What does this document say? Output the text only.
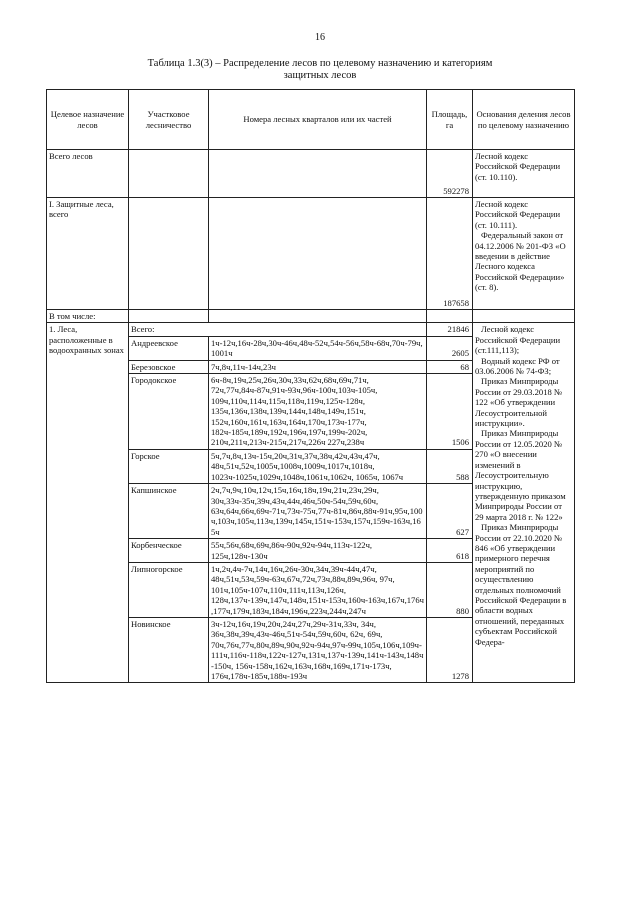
16
Таблица 1.3(3) – Распределение лесов по целевому назначению и категориям
защитных лесов
Целевое назначение лесов	Участковое лесничество	Номера лесных кварталов или их частей	Площадь, га	Основания деления лесов по целевому назначению
Всего лесов			592278	Лесной кодекс Российской Федерации (ст. 10.110).
I. Защитные леса, всего			187658	Лесной кодекс Российской Федерации (ст. 10.111).
Федеральный закон от 04.12.2006 № 201-ФЗ «О введении в действие Лесного кодекса Российской Федерации» (ст. 8).

В том числе:				
1. Леса, расположенные в водоохранных зонах	Всего:		21846	Лесной кодекс Российской Федерации (ст.111,113);
Водный кодекс РФ от 03.06.2006 № 74-ФЗ;
Приказ Минприроды России от 29.03.2018 № 122 «Об утверждении Лесоустроительной инструкции».
Приказ Минприроды России от 12.05.2020 № 270 «О внесении изменений в Лесоустроительную инструкцию, утвержденную приказом Минприроды России от 29 марта 2018 г. № 122»
Приказ Минприроды России от 22.10.2020 № 846 «Об утверждении примерного перечня мероприятий по осуществлению отдельных полномочий Российской Федерации в области водных отношений, переданных субъектам Российской Федера-

	Андреевское	1ч-12ч,16ч-28ч,30ч-46ч,48ч-52ч,54ч-56ч,58ч-68ч,70ч-79ч,1001ч	2605	
	Березовское	7ч,8ч,11ч-14ч,23ч	68	
	Городокское	6ч-8ч,19ч,25ч,26ч,30ч,33ч,62ч,68ч,69ч,71ч, 72ч,77ч,84ч-87ч,91ч-93ч,96ч-100ч,103ч-105ч, 109ч,110ч,114ч,115ч,118ч,119ч,125ч-128ч, 135ч,136ч,138ч,139ч,144ч,148ч,149ч,151ч, 152ч,160ч,161ч,163ч,164ч,170ч,173ч-177ч, 182ч-185ч,189ч,192ч,196ч,197ч,199ч-202ч, 210ч,211ч,213ч-215ч,217ч,226ч 227ч,238ч	1506	
	Горское	5ч,7ч,8ч,13ч-15ч,20ч,31ч,37ч,38ч,42ч,43ч,47ч, 48ч,51ч,52ч,1005ч,1008ч,1009ч,1017ч,1018ч, 1023ч-1025ч,1029ч,1048ч,1061ч,1062ч, 1065ч, 1067ч	588	
	Капшинское	2ч,7ч,9ч,10ч,12ч,15ч,16ч,18ч,19ч,21ч,23ч,29ч, 30ч,33ч-35ч,39ч,43ч,44ч,46ч,50ч-54ч,59ч,60ч, 63ч,64ч,66ч,69ч-71ч,73ч-75ч,77ч-81ч,86ч,88ч-91ч,95ч,100ч,103ч,105ч,113ч,139ч,145ч,151ч-153ч,157ч,159ч-163ч,165ч	627	
	Корбенческое	55ч,56ч,68ч,69ч,86ч-90ч,92ч-94ч,113ч-122ч, 125ч,128ч-130ч	618	
	Липногорское	1ч,2ч,4ч-7ч,14ч,16ч,26ч-30ч,34ч,39ч-44ч,47ч, 48ч,51ч,53ч,59ч-63ч,67ч,72ч,73ч,88ч,89ч,96ч, 97ч, 101ч,105ч-107ч,110ч,111ч,113ч,126ч, 128ч,137ч-139ч,147ч,148ч,151ч-153ч,160ч-163ч,167ч,176ч,177ч,179ч,183ч,184ч,196ч,223ч,244ч,247ч	880	
	Новинское	3ч-12ч,16ч,19ч,20ч,24ч,27ч,29ч-31ч,33ч, 34ч, 36ч,38ч,39ч,43ч-46ч,51ч-54ч,59ч,60ч, 62ч, 69ч, 70ч,76ч,77ч,80ч,89ч,90ч,92ч-94ч,97ч-99ч,105ч,106ч,109ч-111ч,116ч-118ч,122ч-127ч,131ч,137ч-139ч,141ч-143ч,148ч-150ч, 156ч-158ч,162ч,163ч,168ч,169ч,171ч-173ч, 176ч,178ч-185ч,188ч-193ч	1278	
